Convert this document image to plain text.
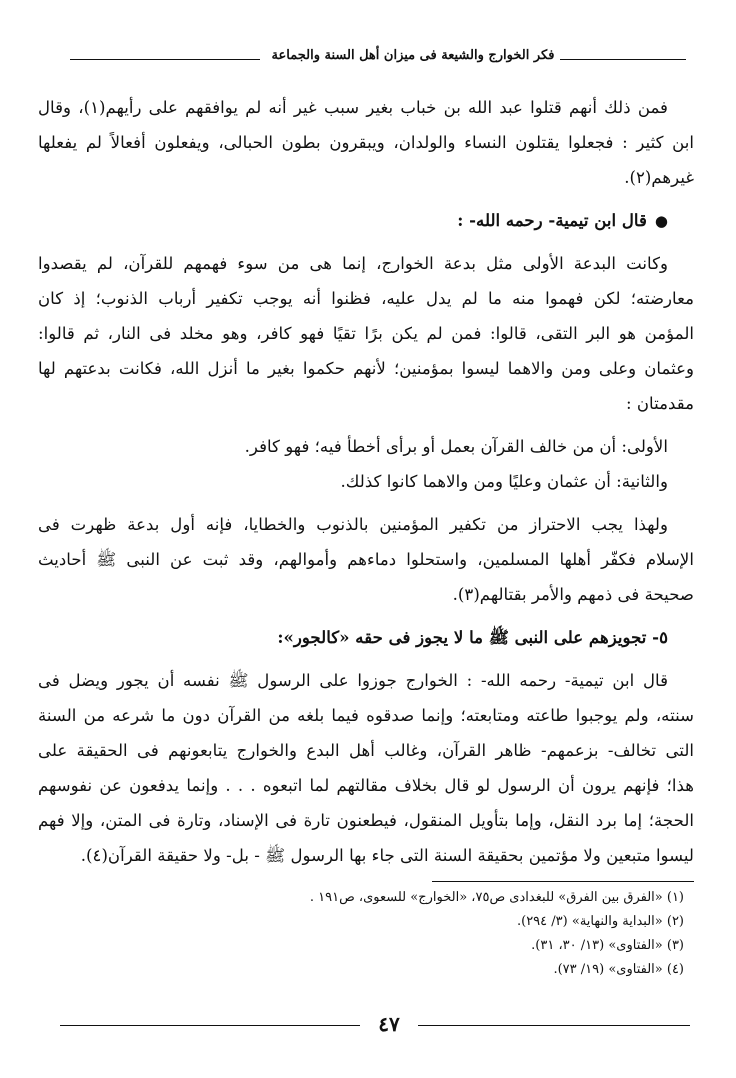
فكر الخوارج والشيعة فى ميزان أهل السنة والجماعة
فمن ذلك أنهم قتلوا عبد الله بن خباب بغير سبب غير أنه لم يوافقهم على رأيهم(١)، وقال
ابن كثير : فجعلوا يقتلون النساء والولدان، ويبقرون بطون الحبالى، ويفعلون أفعالاً لم يفعلها
غيرهم(٢).
●قال ابن تيمية- رحمه الله- :
وكانت البدعة الأولى مثل بدعة الخوارج، إنما هى من سوء فهمهم للقرآن، لم يقصدوا
معارضته؛ لكن فهموا منه ما لم يدل عليه، فظنوا أنه يوجب تكفير أرباب الذنوب؛ إذ كان
المؤمن هو البر التقى، قالوا: فمن لم يكن برًا تقيًا فهو كافر، وهو مخلد فى النار، ثم قالوا:
وعثمان وعلى ومن والاهما ليسوا بمؤمنين؛ لأنهم حكموا بغير ما أنزل الله، فكانت بدعتهم لها
مقدمتان :
الأولى: أن من خالف القرآن بعمل أو برأى أخطأ فيه؛ فهو كافر.
والثانية: أن عثمان وعليًا ومن والاهما كانوا كذلك.
ولهذا يجب الاحتراز من تكفير المؤمنين بالذنوب والخطايا، فإنه أول بدعة ظهرت فى
الإسلام فكفّر أهلها المسلمين، واستحلوا دماءهم وأموالهم، وقد ثبت عن النبى ﷺ أحاديث
صحيحة فى ذمهم والأمر بقتالهم(٣).
٥- تجويزهم على النبى ﷺ ما لا يجوز فى حقه «كالجور»:
قال ابن تيمية- رحمه الله- : الخوارج جوزوا على الرسول ﷺ نفسه أن يجور ويضل فى
سنته، ولم يوجبوا طاعته ومتابعته؛ وإنما صدقوه فيما بلغه من القرآن دون ما شرعه من السنة
التى تخالف- بزعمهم- ظاهر القرآن، وغالب أهل البدع والخوارج يتابعونهم فى الحقيقة على
هذا؛ فإنهم يرون أن الرسول لو قال بخلاف مقالتهم لما اتبعوه . . . وإنما يدفعون عن نفوسهم
الحجة؛ إما برد النقل، وإما بتأويل المنقول، فيطعنون تارة فى الإسناد، وتارة فى المتن، وإلا فهم
ليسوا متبعين ولا مؤتمين بحقيقة السنة التى جاء بها الرسول ﷺ - بل- ولا حقيقة القرآن(٤).
(١) «الفرق بين الفرق» للبغدادى ص٧٥، «الخوارج» للسعوى، ص١٩١ .
(٢) «البداية والنهاية» (٣/ ٢٩٤).
(٣) «الفتاوى» (١٣/ ٣٠، ٣١).
(٤) «الفتاوى» (١٩/ ٧٣).
٤٧
